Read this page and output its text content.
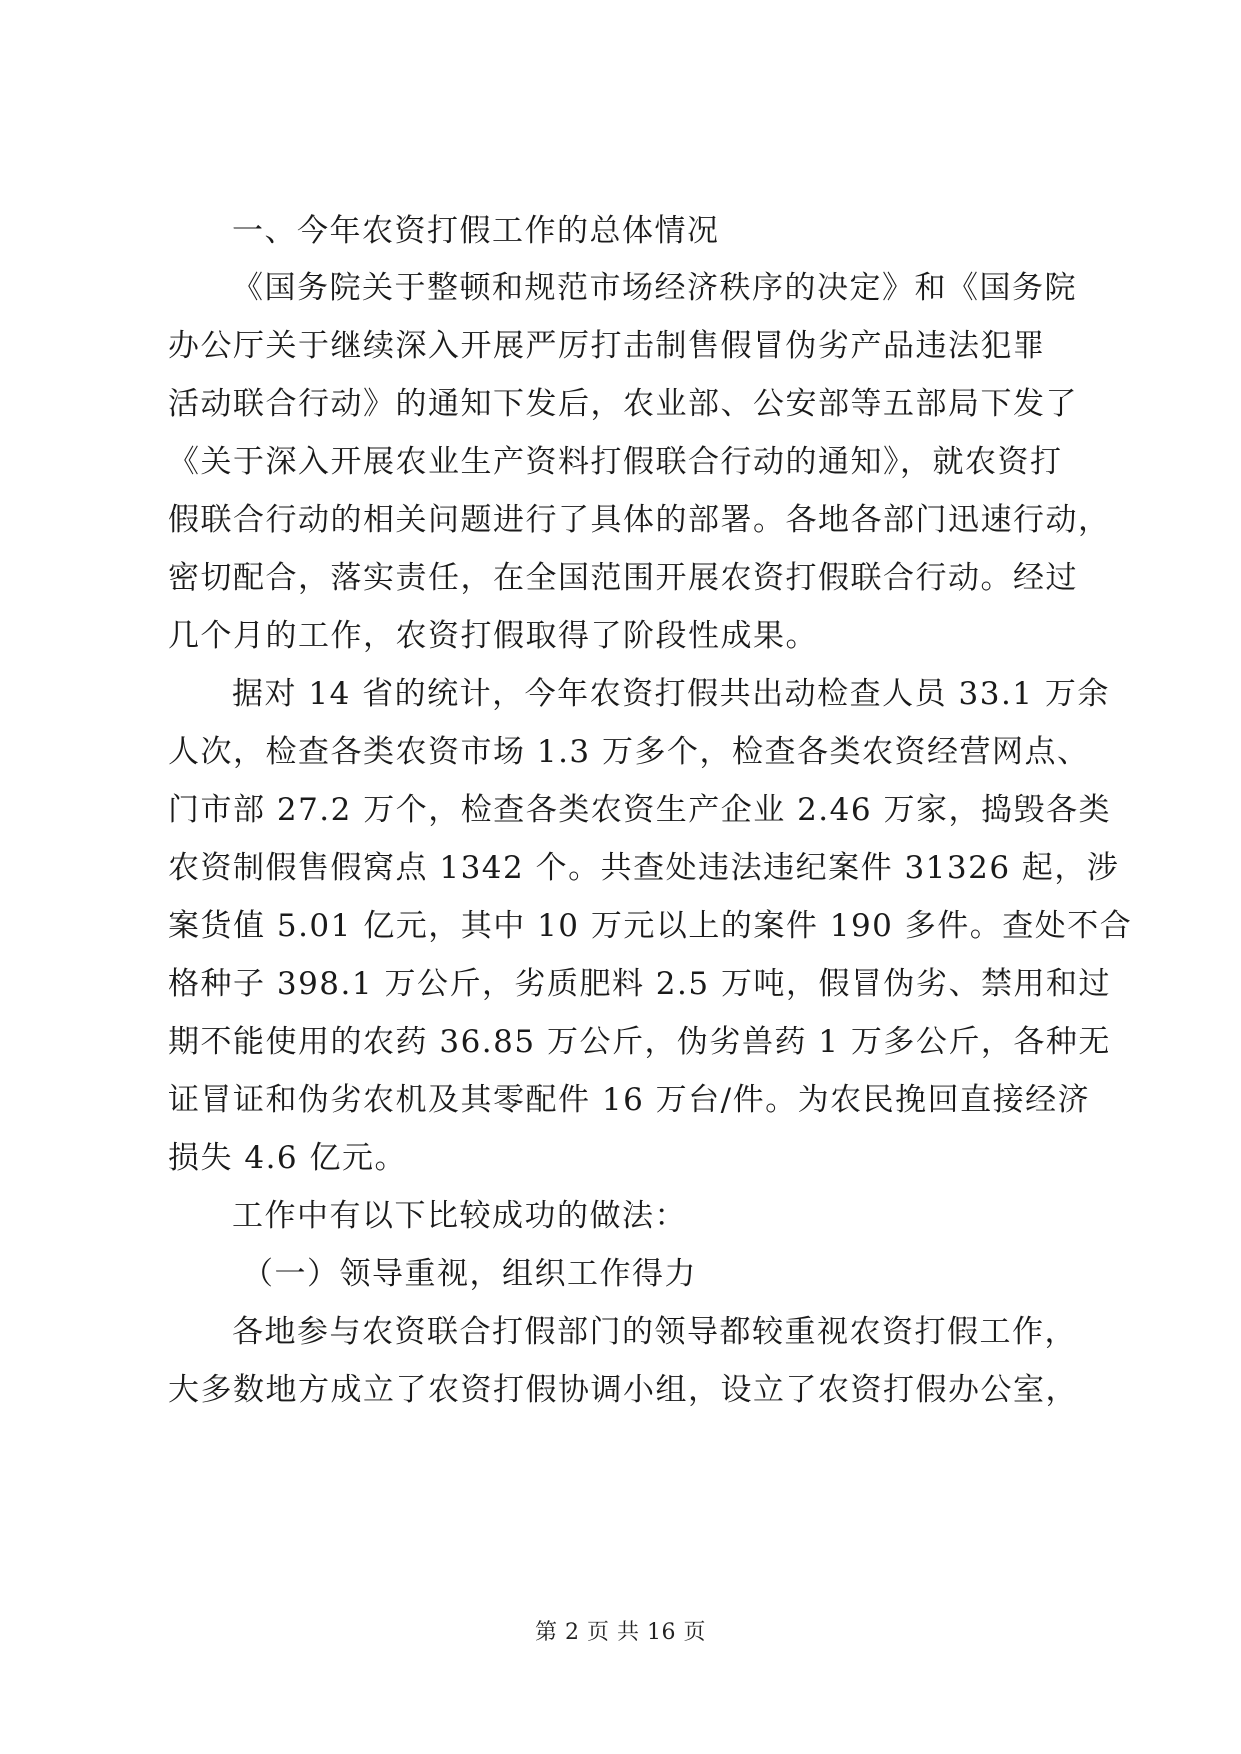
一、今年农资打假工作的总体情况
《国务院关于整顿和规范市场经济秩序的决定》和《国务院
办公厅关于继续深入开展严厉打击制售假冒伪劣产品违法犯罪
活动联合行动》的通知下发后，农业部、公安部等五部局下发了
《关于深入开展农业生产资料打假联合行动的通知》，就农资打
假联合行动的相关问题进行了具体的部署。各地各部门迅速行动，
密切配合，落实责任，在全国范围开展农资打假联合行动。经过
几个月的工作，农资打假取得了阶段性成果。
据对 14 省的统计，今年农资打假共出动检查人员 33.1 万余
人次，检查各类农资市场 1.3 万多个，检查各类农资经营网点、
门市部 27.2 万个，检查各类农资生产企业 2.46 万家，捣毁各类
农资制假售假窝点 1342 个。共查处违法违纪案件 31326 起，涉
案货值 5.01 亿元，其中 10 万元以上的案件 190 多件。查处不合
格种子 398.1 万公斤，劣质肥料 2.5 万吨，假冒伪劣、禁用和过
期不能使用的农药 36.85 万公斤，伪劣兽药 1 万多公斤，各种无
证冒证和伪劣农机及其零配件 16 万台/件。为农民挽回直接经济
损失 4.6 亿元。
工作中有以下比较成功的做法：
（一）领导重视，组织工作得力
各地参与农资联合打假部门的领导都较重视农资打假工作，
大多数地方成立了农资打假协调小组，设立了农资打假办公室，
第 2 页 共 16 页
